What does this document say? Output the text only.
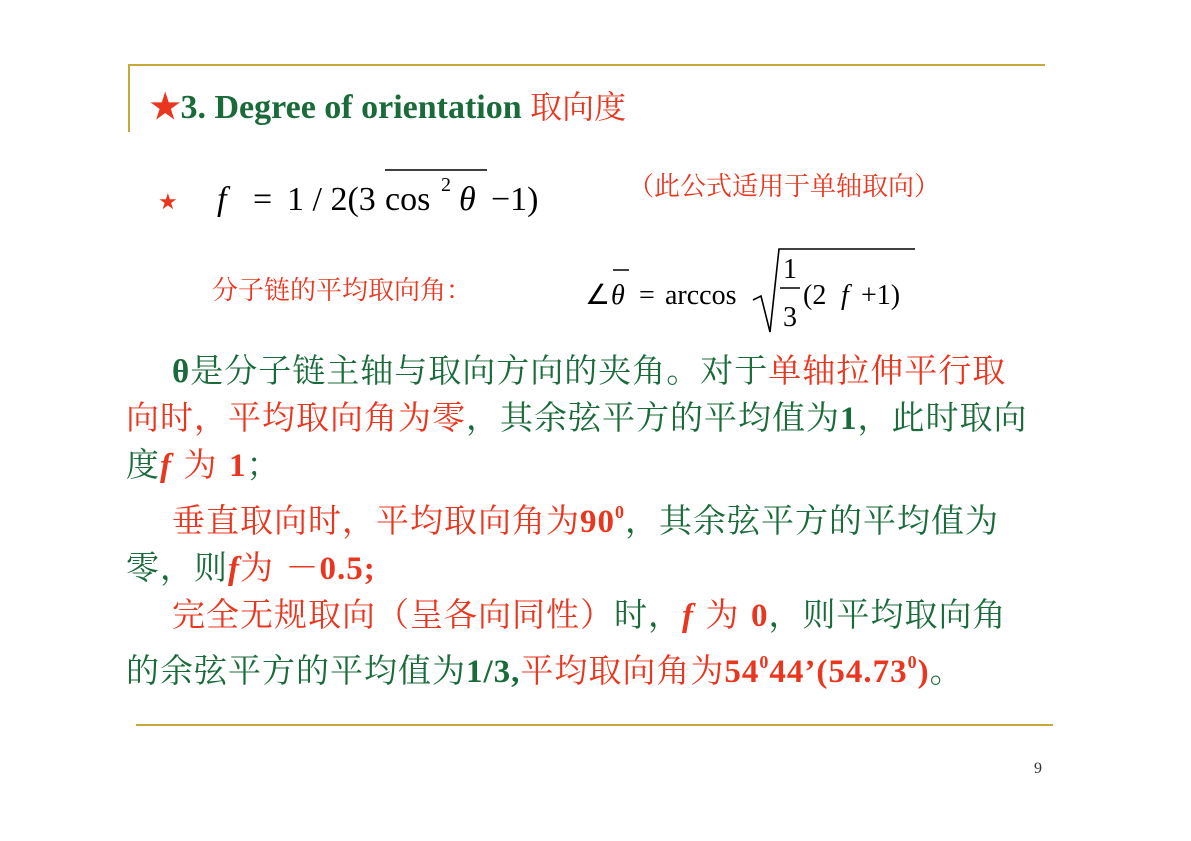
★3. Degree of orientation 取向度
★ f = 1 / 2(3 cos 2 θ −1)	（此公式适用于单轴取向）
分子链的平均取向角：	∠ θ = arccos
1
3
(2 f +1)

θ是分子链主轴与取向方向的夹角。对于单轴拉伸平行取向时，平均取向角为零，其余弦平方的平均值为1，此时取向度f 为 1；

垂直取向时，平均取向角为$90^0$，其余弦平方的平均值为零，则f为 －0.5;

完全无规取向（呈各向同性）时，f 为 0，则平均取向角的余弦平方的平均值为1/3,平均取向角为$54^044’(54.73^0)$。

9
